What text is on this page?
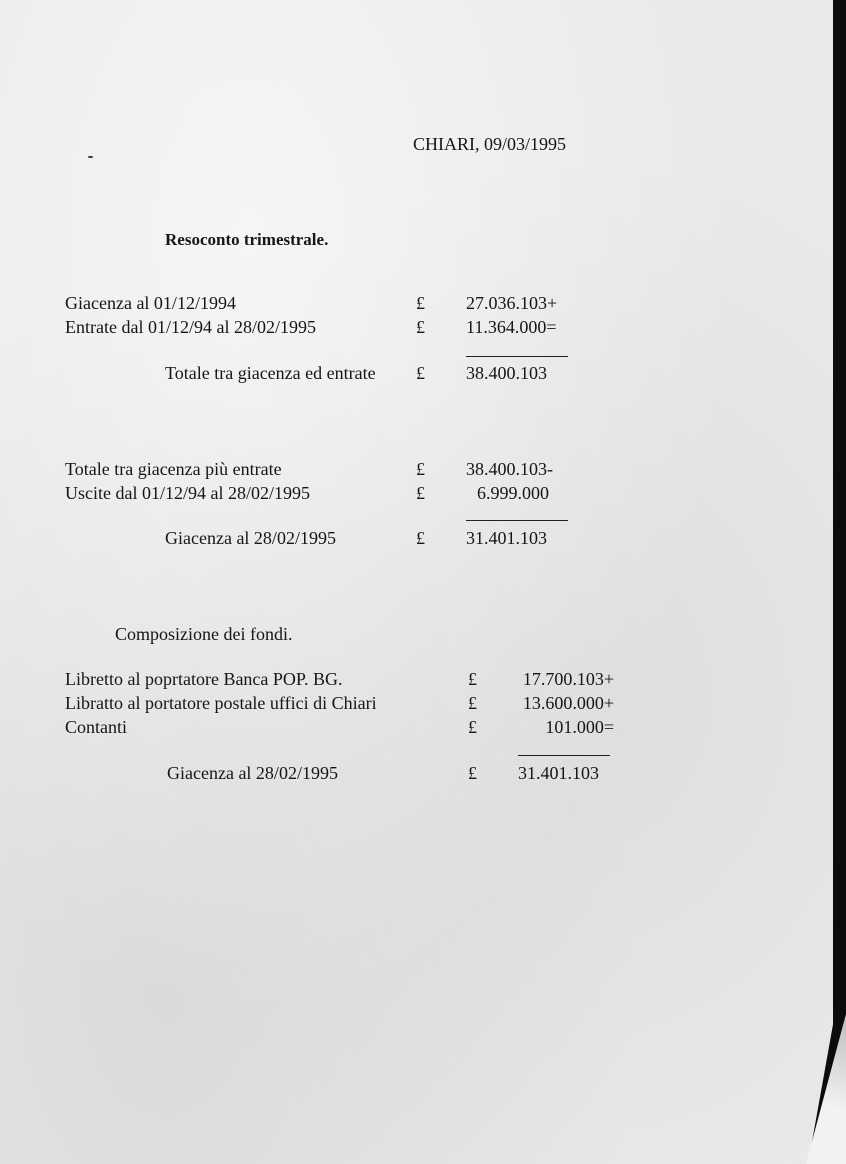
CHIARI, 09/03/1995
Resoconto trimestrale.
Giacenza al 01/12/1994	£ 27.036.103+
Entrate dal 01/12/94 al 28/02/1995	£ 11.364.000=
Totale tra giacenza ed entrate £ 38.400.103
Totale tra giacenza più entrate	£ 38.400.103-
Uscite dal 01/12/94 al 28/02/1995	£	6.999.000
Giacenza al 28/02/1995	£ 31.401.103
Composizione dei fondi.
Libretto al poprtatore Banca POP. BG.	£	17.700.103+
Libratto al portatore postale uffici di Chiari	£	13.600.000+
Contanti	£	101.000=
Giacenza al 28/02/1995	£ 31.401.103
